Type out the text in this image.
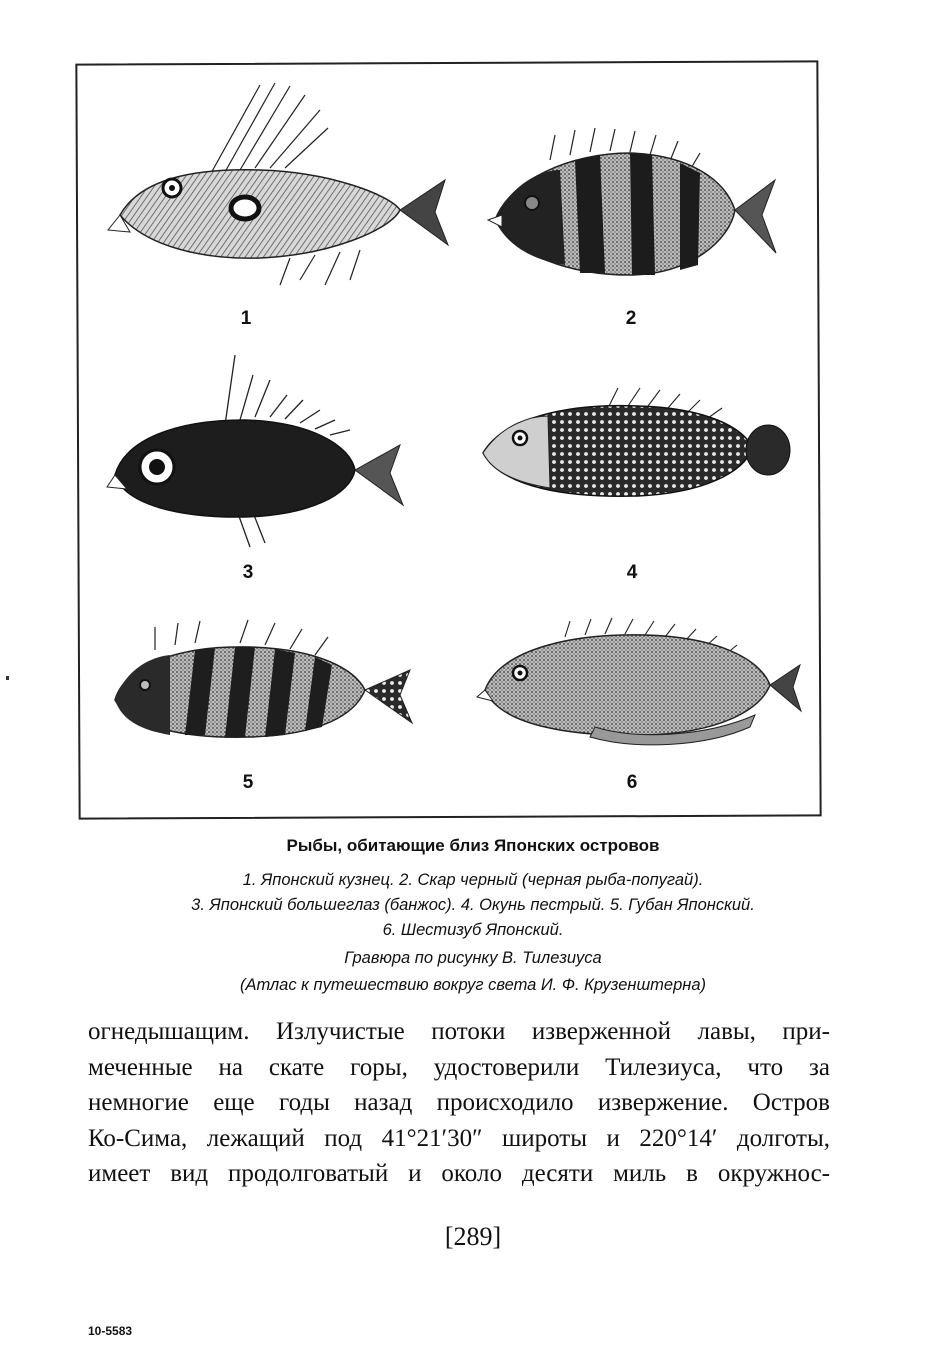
1	2
3	4
5	6
Рыбы, обитающие близ Японских островов
1. Японский кузнец. 2. Скар черный (черная рыба-попугай).
3. Японский большеглаз (банжос). 4. Окунь пестрый. 5. Губан Японский.
6. Шестизуб Японский.
Гравюра по рисунку В. Тилезиуса
(Атлас к путешествию вокруг света И. Ф. Крузенштерна)
огнедышащим. Излучистые потоки изверженной лавы, при-
меченные на скате горы, удостоверили Тилезиуса, что за
немногие еще годы назад происходило извержение. Остров
Ко-Сима, лежащий под 41°21′30″ широты и 220°14′ долготы,
имеет вид продолговатый и около десяти миль в окружнос-
[289]
10-5583
